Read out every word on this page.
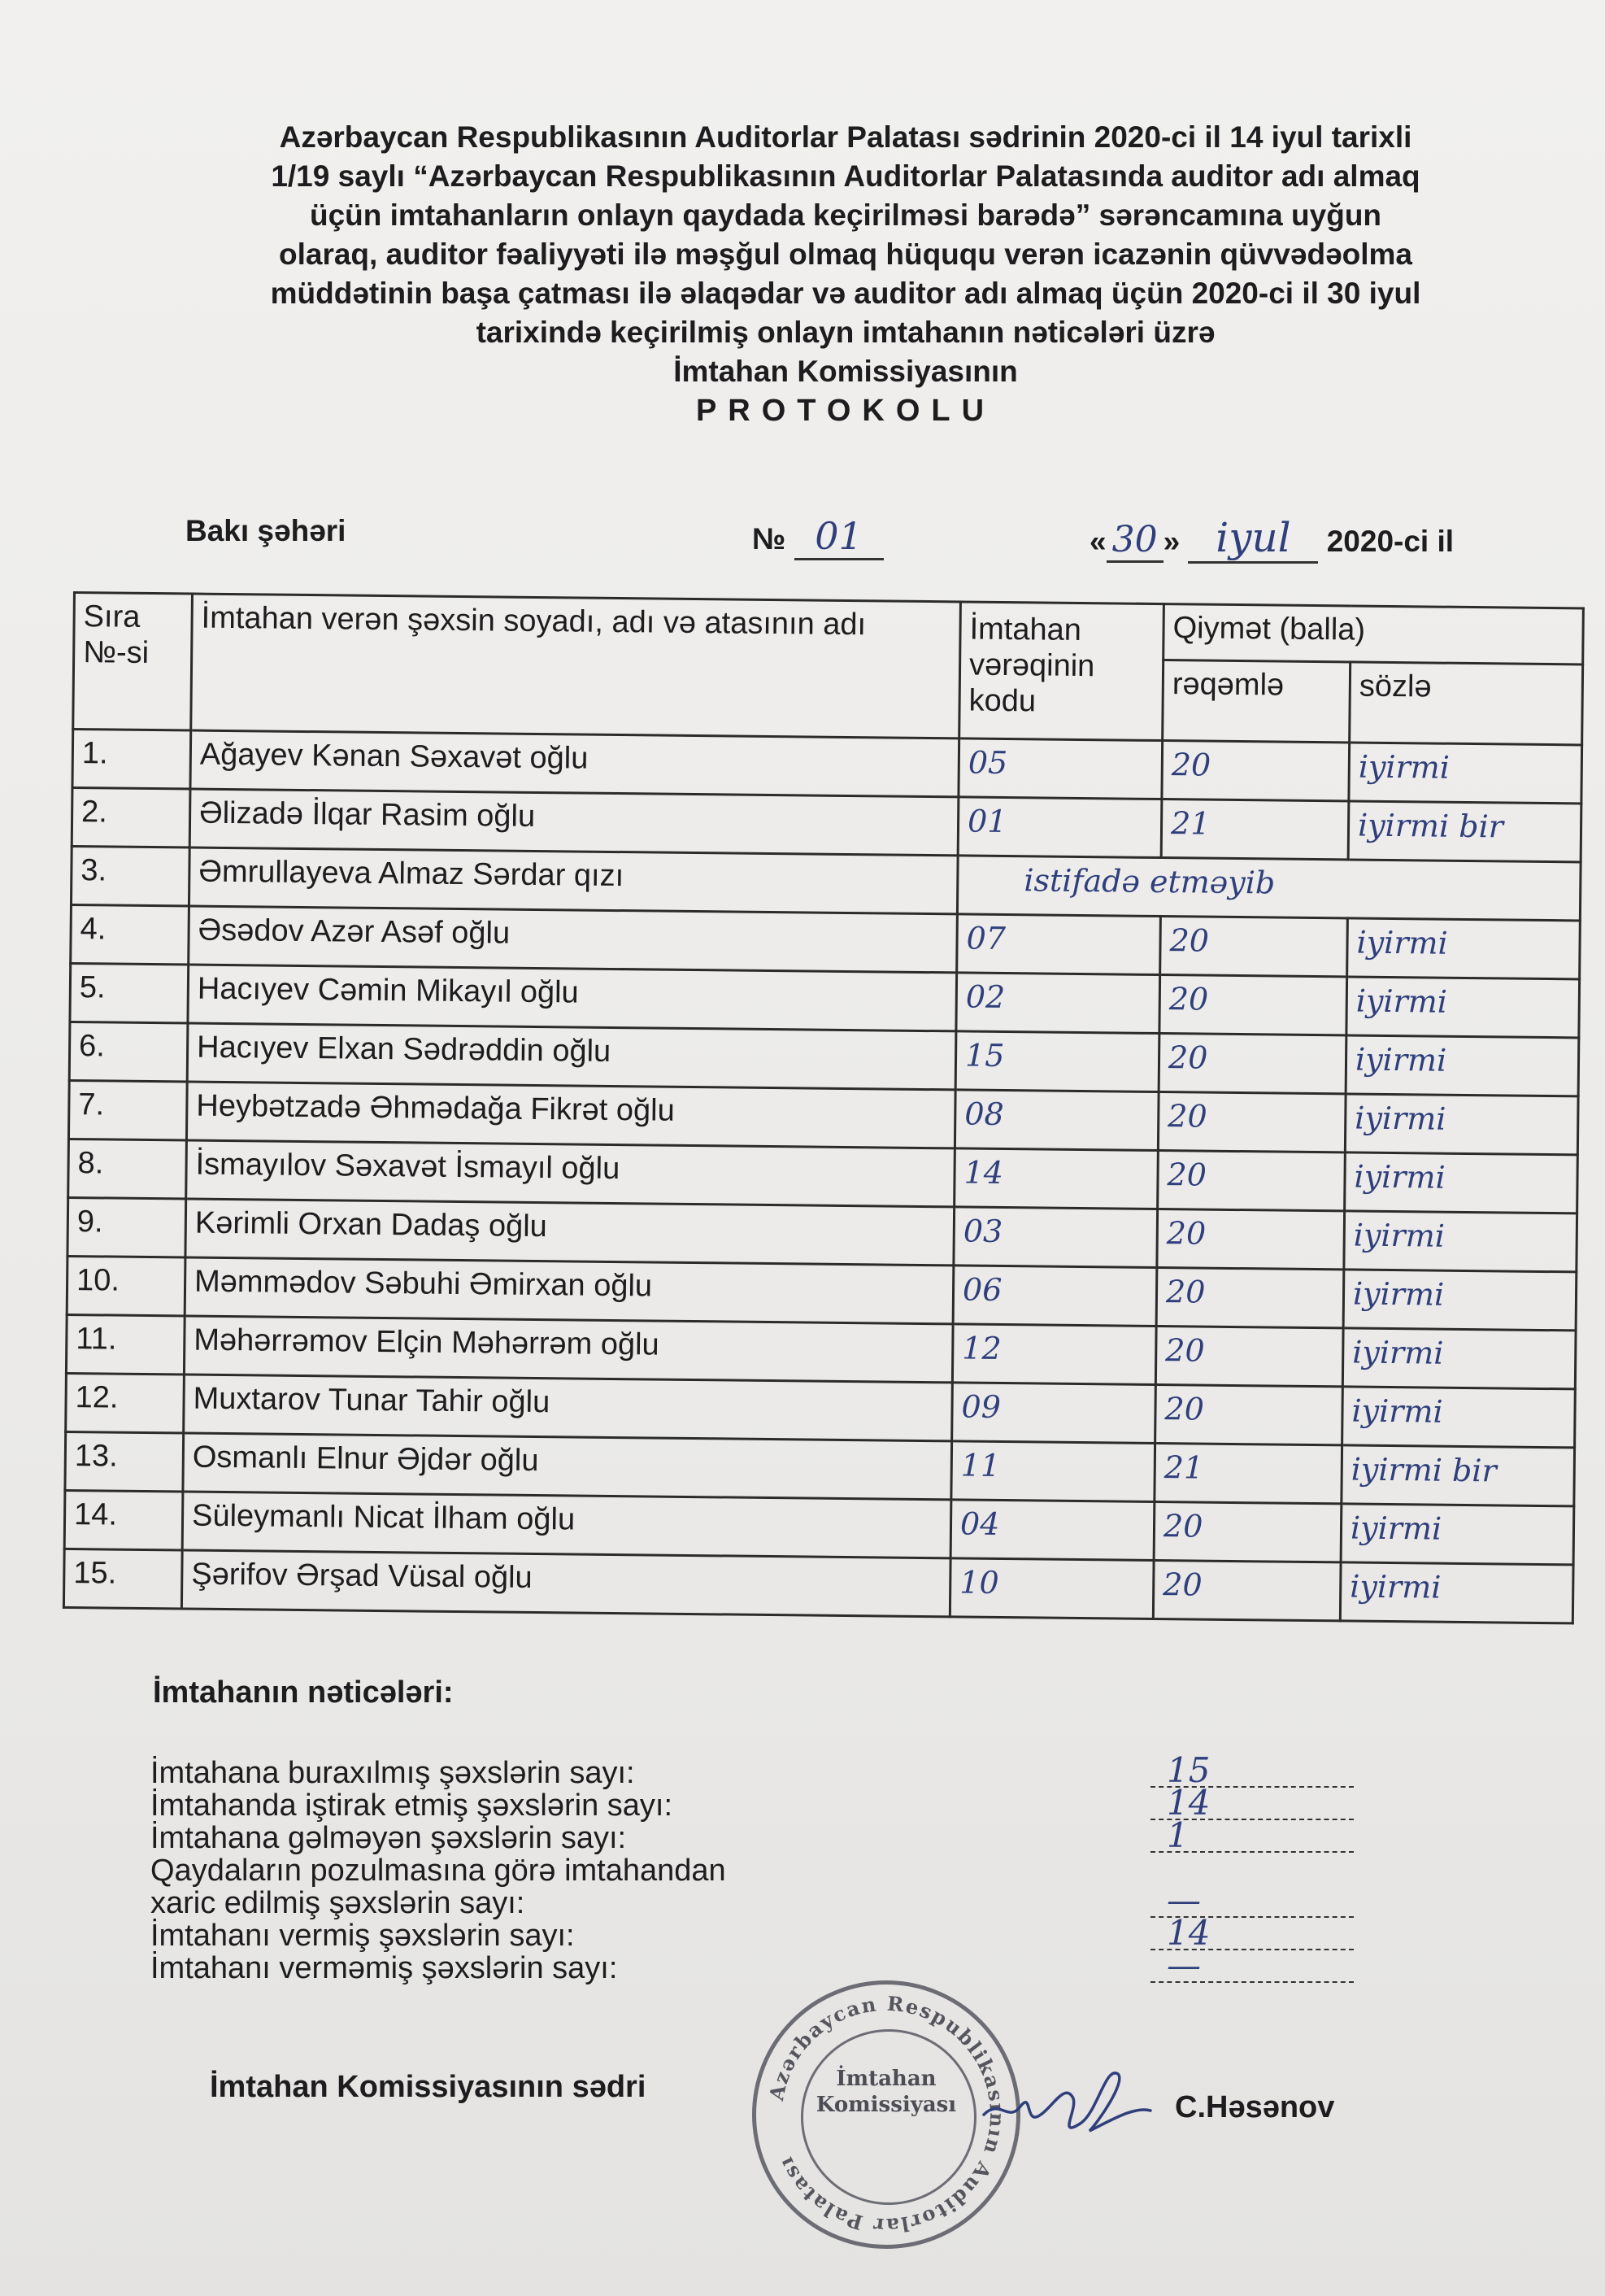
Azərbaycan Respublikasının Auditorlar Palatası sədrinin 2020-ci il 14 iyul tarixli
1/19 saylı “Azərbaycan Respublikasının Auditorlar Palatasında auditor adı almaq
üçün imtahanların onlayn qaydada keçirilməsi barədə” sərəncamına uyğun
olaraq, auditor fəaliyyəti ilə məşğul olmaq hüququ verən icazənin qüvvədəolma
müddətinin başa çatması ilə əlaqədar və auditor adı almaq üçün 2020-ci il 30 iyul
tarixində keçirilmiş onlayn imtahanın nəticələri üzrə
İmtahan Komissiyasının
PROTOKOLU
Bakı şəhəri	№ 01	« 30 » iyul 2020-ci il
Sıra №-si	İmtahan verən şəxsin soyadı, adı və atasının adı	İmtahan vərəqinin kodu	Qiymət (balla)	
			rəqəmlə	sözlə
1.	Ağayev Kənan Səxavət oğlu	05	20	iyirmi
2.	Əlizadə İlqar Rasim oğlu	01	21	iyirmi bir
3.	Əmrullayeva Almaz Sərdar qızı	istifadə etməyib		
4.	Əsədov Azər Asəf oğlu	07	20	iyirmi
5.	Hacıyev Cəmin Mikayıl oğlu	02	20	iyirmi
6.	Hacıyev Elxan Sədrəddin oğlu	15	20	iyirmi
7.	Heybətzadə Əhmədağa Fikrət oğlu	08	20	iyirmi
8.	İsmayılov Səxavət İsmayıl oğlu	14	20	iyirmi
9.	Kərimli Orxan Dadaş oğlu	03	20	iyirmi
10.	Məmmədov Səbuhi Əmirxan oğlu	06	20	iyirmi
11.	Məhərrəmov Elçin Məhərrəm oğlu	12	20	iyirmi
12.	Muxtarov Tunar Tahir oğlu	09	20	iyirmi
13.	Osmanlı Elnur Əjdər oğlu	11	21	iyirmi bir
14.	Süleymanlı Nicat İlham oğlu	04	20	iyirmi
15.	Şərifov Ərşad Vüsal oğlu	10	20	iyirmi
İmtahanın nəticələri:
İmtahana buraxılmış şəxslərin sayı:	15
İmtahanda iştirak etmiş şəxslərin sayı:	14
İmtahana gəlməyən şəxslərin sayı:	1
Qaydaların pozulmasına görə imtahandan
xaric edilmiş şəxslərin sayı:	—
İmtahanı vermiş şəxslərin sayı:	14
İmtahanı verməmiş şəxslərin sayı:	—
İmtahan Komissiyasının sədri	Azərbaycan Respublikasının Auditorlar Palatası
İmtahan
Komissiyası	C.Həsənov
